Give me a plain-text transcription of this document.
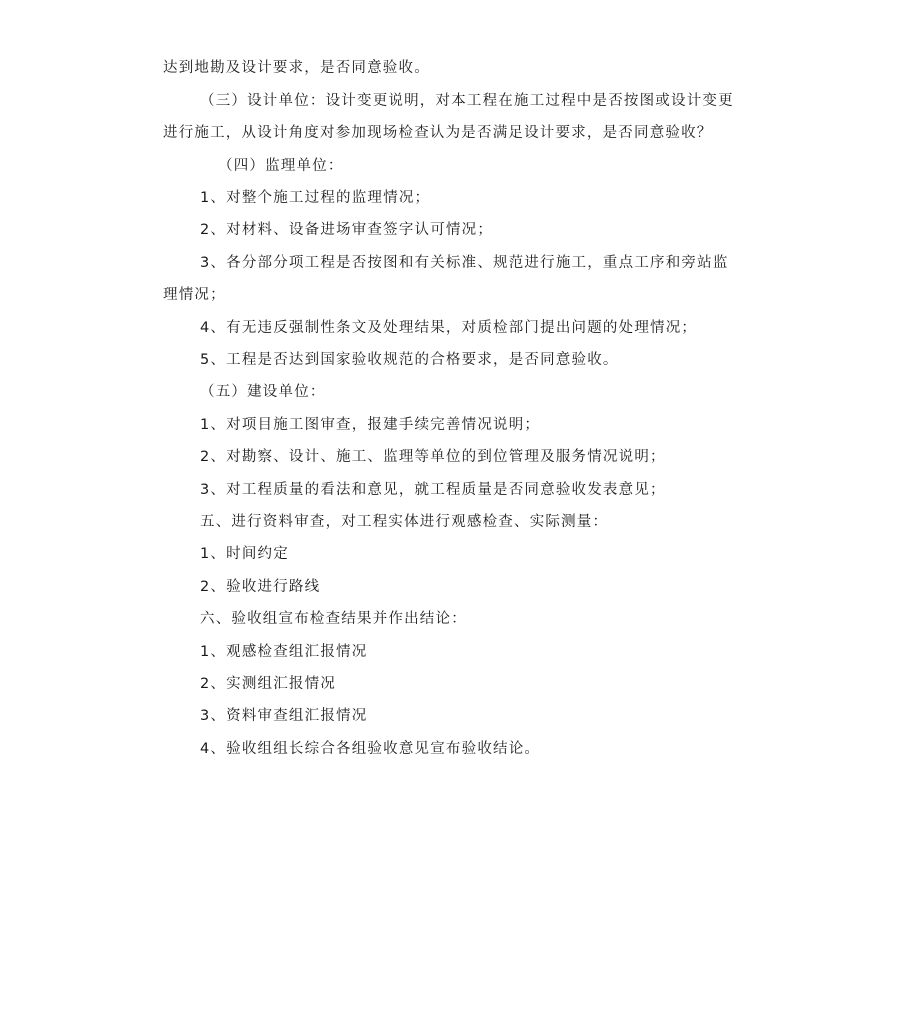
达到地勘及设计要求，是否同意验收。
（三）设计单位：设计变更说明，对本工程在施工过程中是否按图或设计变更
进行施工，从设计角度对参加现场检查认为是否满足设计要求，是否同意验收？
（四）监理单位：
1、对整个施工过程的监理情况；
2、对材料、设备进场审查签字认可情况；
3、各分部分项工程是否按图和有关标准、规范进行施工，重点工序和旁站监
理情况；
4、有无违反强制性条文及处理结果，对质检部门提出问题的处理情况；
5、工程是否达到国家验收规范的合格要求，是否同意验收。
（五）建设单位：
1、对项目施工图审查，报建手续完善情况说明；
2、对勘察、设计、施工、监理等单位的到位管理及服务情况说明；
3、对工程质量的看法和意见，就工程质量是否同意验收发表意见；
五、进行资料审查，对工程实体进行观感检查、实际测量：
1、时间约定
2、验收进行路线
六、验收组宣布检查结果并作出结论：
1、观感检查组汇报情况
2、实测组汇报情况
3、资料审查组汇报情况
4、验收组组长综合各组验收意见宣布验收结论。
